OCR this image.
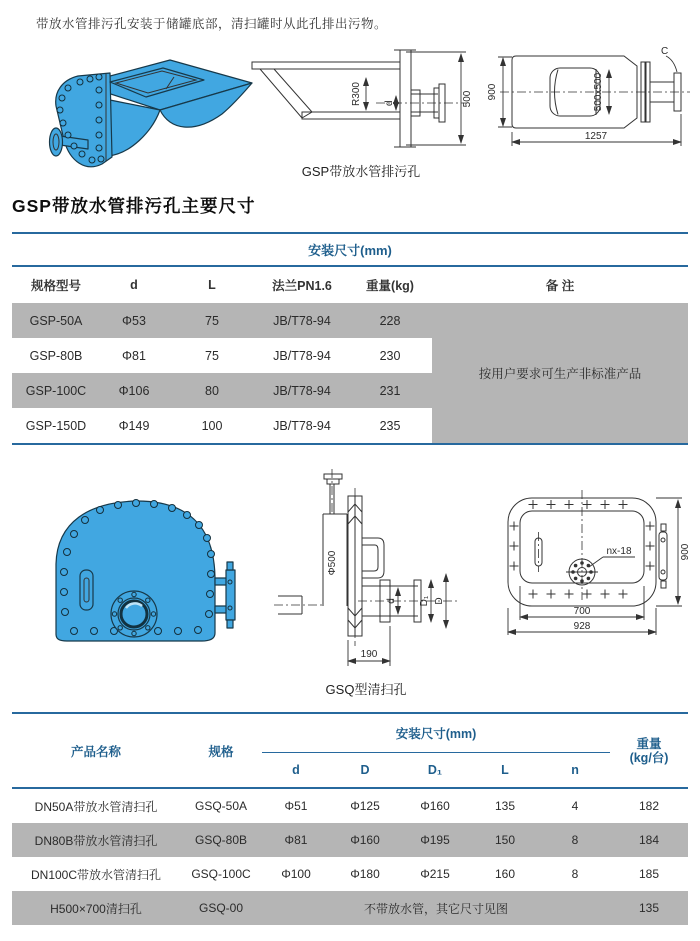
带放水管排污孔安装于储罐底部，清扫罐时从此孔排出污物。
d
R300	500
GSP带放水管排污孔
900	500x500
1257
C
GSP带放水管排污孔主要尺寸
安装尺寸(mm)					
规格型号	d	L	法兰PN1.6	重量(kg)	备 注
GSP-50A	Φ53	75	JB/T78-94	228	按用户要求可生产非标准产品
GSP-80B	Φ81	75	JB/T78-94	230	
GSP-100C	Φ106	80	JB/T78-94	231	
GSP-150D	Φ149	100	JB/T78-94	235	
Φ500
d D₁ D
190
GSQ型清扫孔
nx-18	900
700
928
产品名称	规格	安装尺寸(mm)					重量
(kg/台)

		d	D	D₁	L	n	
DN50A带放水管清扫孔	GSQ-50A	Φ51	Φ125	Φ160	135	4	182
DN80B带放水管清扫孔	GSQ-80B	Φ81	Φ160	Φ195	150	8	184
DN100C带放水管清扫孔	GSQ-100C	Φ100	Φ180	Φ215	160	8	185
H500×700清扫孔	GSQ-00	不带放水管，其它尺寸见图					135
